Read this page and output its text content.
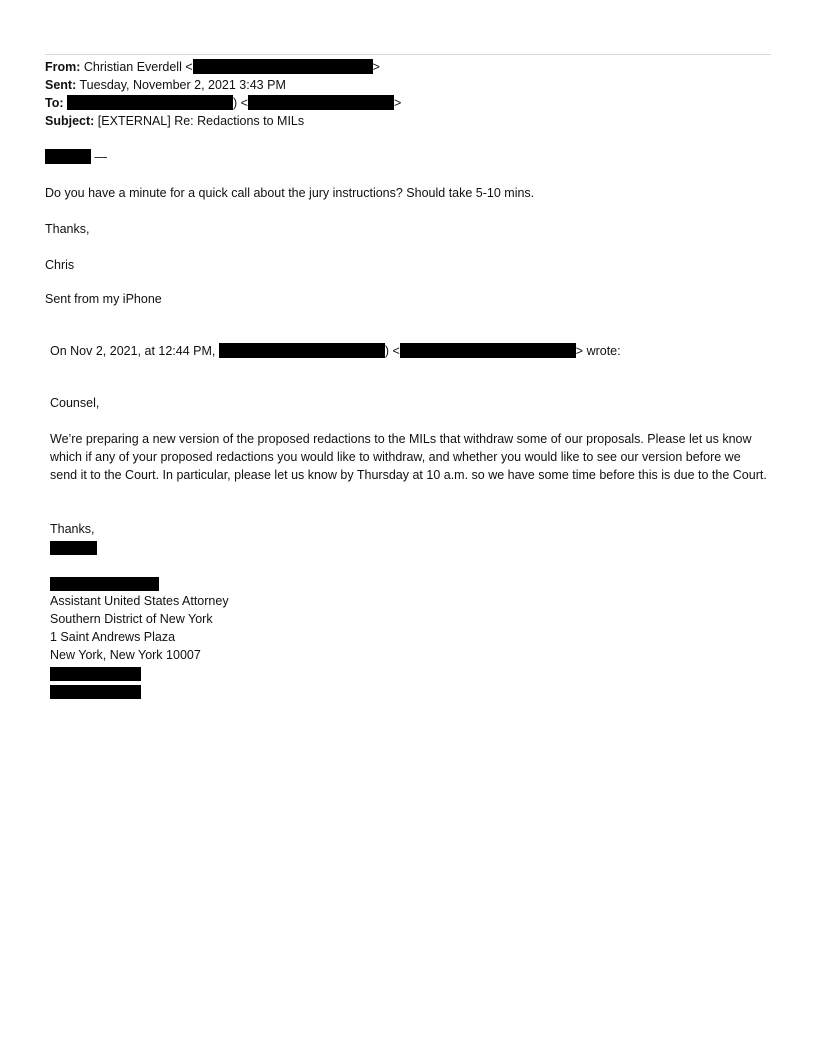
From: Christian Everdell <	>
Sent: Tuesday, November 2, 2021 3:43 PM
To:	) <	>
Subject: [EXTERNAL] Re: Redactions to MILs
—
Do you have a minute for a quick call about the jury instructions? Should take 5-10 mins.
Thanks,
Chris
Sent from my iPhone
On Nov 2, 2021, at 12:44 PM,	) <	> wrote:
Counsel,
We’re preparing a new version of the proposed redactions to the MILs that withdraw some of our proposals. Please let us know which if any of your proposed redactions you would like to withdraw, and whether you would like to see our version before we send it to the Court. In particular, please let us know by Thursday at 10 a.m. so we have some time before this is due to the Court.
Thanks,
Assistant United States Attorney
Southern District of New York
1 Saint Andrews Plaza
New York, New York 10007
